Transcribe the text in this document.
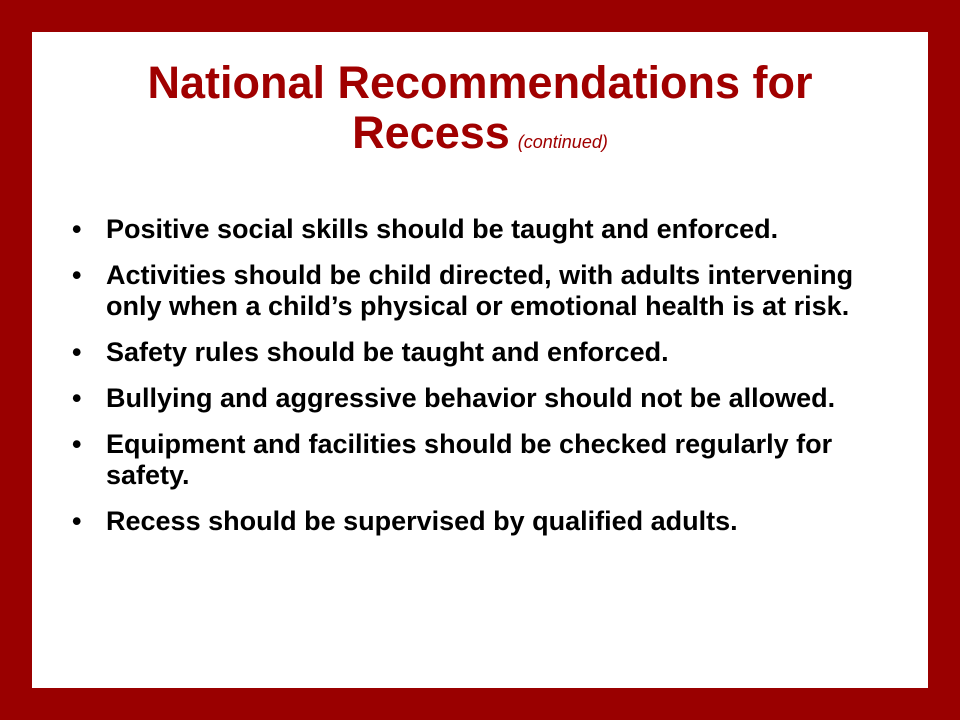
National Recommendations for
Recess (continued)
• Positive social skills should be taught and enforced.
• Activities should be child directed, with adults intervening only when a child’s physical or emotional health is at risk.
• Safety rules should be taught and enforced.
• Bullying and aggressive behavior should not be allowed.
• Equipment and facilities should be checked regularly for safety.
• Recess should be supervised by qualified adults.
